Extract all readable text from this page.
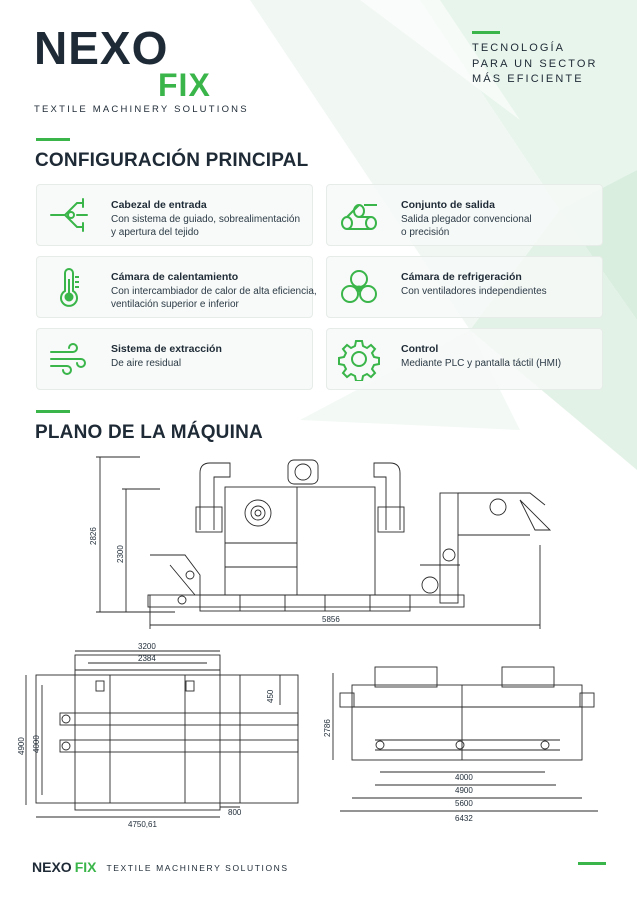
NEXO
FIX
TEXTILE MACHINERY SOLUTIONS
TECNOLOGÍA
PARA UN SECTOR
MÁS EFICIENTE
CONFIGURACIÓN PRINCIPAL
Cabezal de entrada
Con sistema de guiado, sobrealimentación
y apertura del tejido
Conjunto de salida
Salida plegador convencional
o precisión
Cámara de calentamiento
Con intercambiador de calor de alta eficiencia,
ventilación superior e inferior
Cámara de refrigeración
Con ventiladores independientes
Sistema de extracción
De aire residual
Control
Mediante PLC y pantalla táctil (HMI)
PLANO DE LA MÁQUINA
2826
2300
5856
3200
2384
450
4900 4000
4750,61
800
2786
4000
4900
5600
6432
NEXO FIX TEXTILE MACHINERY SOLUTIONS
